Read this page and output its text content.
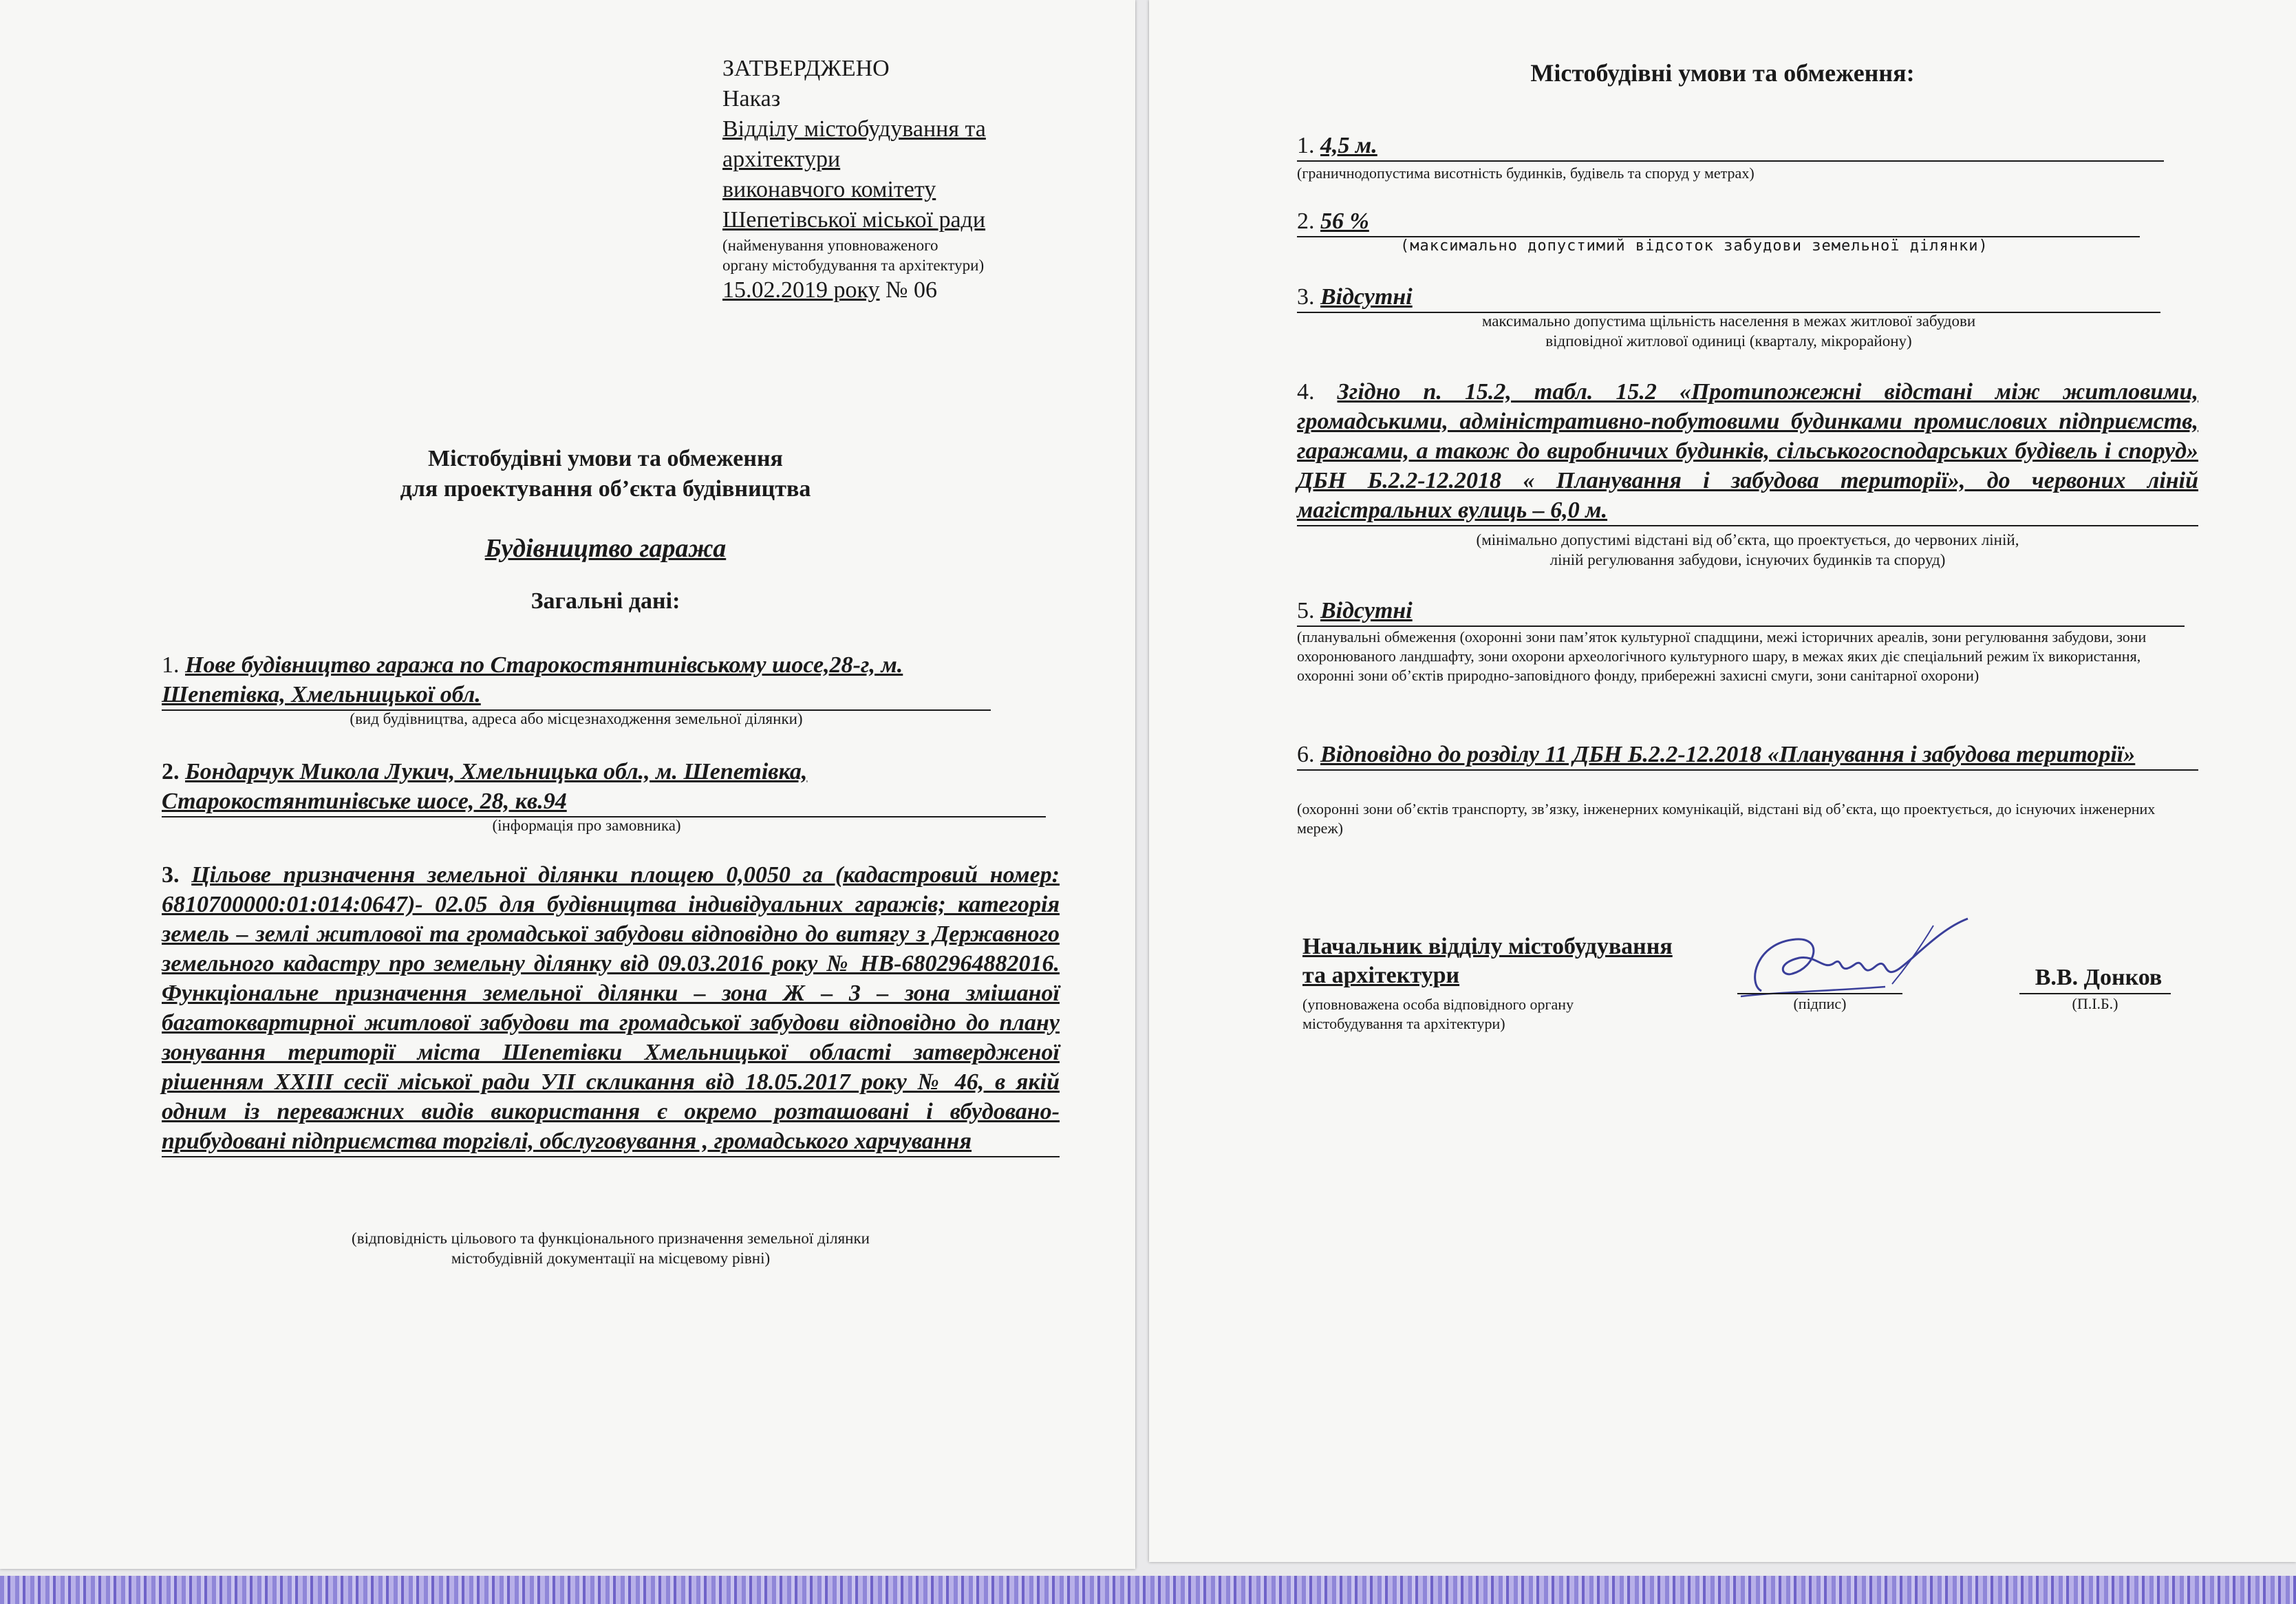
ЗАТВЕРДЖЕНО
Наказ
Відділу містобудування та
архітектури
виконавчого комітету
Шепетівської міської ради
(найменування уповноваженого
органу містобудування та архітектури)
15.02.2019 року № 06
Містобудівні умови та обмеження
для проектування об’єкта будівництва
Будівництво гаража
Загальні дані:
1. Нове будівництво гаража по Старокостянтинівському шосе,28-г, м. Шепетівка, Хмельницької обл.
(вид будівництва, адреса або місцезнаходження земельної ділянки)
2. Бондарчук Микола Лукич, Хмельницька обл., м. Шепетівка, Старокостянтинівське шосе, 28, кв.94
(інформація про замовника)
3. Цільове призначення земельної ділянки площею 0,0050 га (кадастровий номер: 6810700000:01:014:0647)- 02.05 для будівництва індивідуальних гаражів; категорія земель – землі житлової та громадської забудови відповідно до витягу з Державного земельного кадастру про земельну ділянку від 09.03.2016 року № НВ-6802964882016. Функціональне призначення земельної ділянки – зона Ж – 3 – зона змішаної багатоквартирної житлової забудови та громадської забудови відповідно до плану зонування території міста Шепетівки Хмельницької області затвердженої рішенням ХХIII сесії міської ради УII скликання від 18.05.2017 року № 46, в якій одним із переважних видів використання є окремо розташовані і вбудовано-прибудовані підприємства торгівлі, обслуговування , громадського харчування
(відповідність цільового та функціонального призначення земельної ділянки
містобудівній документації на місцевому рівні)
Містобудівні умови та обмеження:
1. 4,5 м.
(граничнодопустима висотність будинків, будівель та споруд у метрах)
2. 56 %
(максимально допустимий відсоток забудови земельної ділянки)
3. Відсутні
максимально допустима щільність населення в межах житлової забудови
відповідної житлової одиниці (кварталу, мікрорайону)
4. Згідно п. 15.2, табл. 15.2 «Протипожежні відстані між житловими, громадськими, адміністративно-побутовими будинками промислових підприємств, гаражами, а також до виробничих будинків, сільськогосподарських будівель і споруд» ДБН Б.2.2-12.2018 « Планування і забудова території», до червоних ліній магістральних вулиць – 6,0 м.
(мінімально допустимі відстані від об’єкта, що проектується, до червоних ліній,
ліній регулювання забудови, існуючих будинків та споруд)
5. Відсутні
(планувальні обмеження (охоронні зони пам’яток культурної спадщини, межі історичних ареалів, зони регулювання забудови, зони охоронюваного ландшафту, зони охорони археологічного культурного шару, в межах яких діє спеціальний режим їх використання, охоронні зони об’єктів природно-заповідного фонду, прибережні захисні смуги, зони санітарної охорони)
6. Відповідно до розділу 11 ДБН Б.2.2-12.2018 «Планування і забудова території»
(охоронні зони об’єктів транспорту, зв’язку, інженерних комунікацій, відстані від об’єкта, що проектується, до існуючих інженерних мереж)
Начальник відділу містобудування
та архітектури
(уповноважена особа відповідного органу містобудування та архітектури)
(підпис)
В.В. Донков
(П.І.Б.)
